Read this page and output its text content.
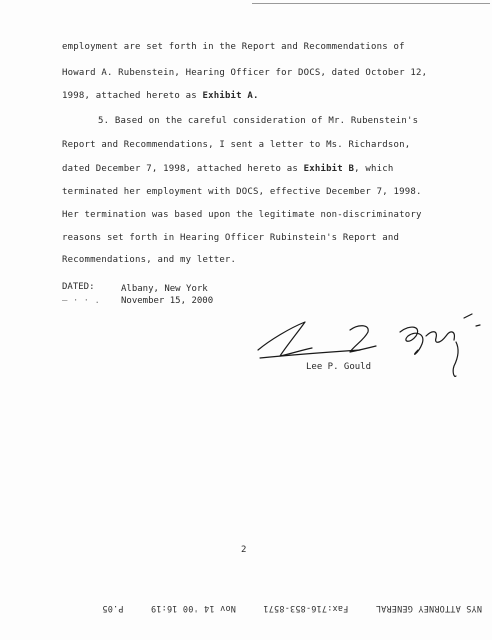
employment are set forth in the Report and Recommendations of
Howard A. Rubenstein, Hearing Officer for DOCS, dated October 12,
1998, attached hereto as Exhibit A.
5. Based on the careful consideration of Mr. Rubenstein's
Report and Recommendations, I sent a letter to Ms. Richardson,
dated December 7, 1998, attached hereto as Exhibit B, which
terminated her employment with DOCS, effective December 7, 1998.
Her termination was based upon the legitimate non-discriminatory
reasons set forth in Hearing Officer Rubinstein's Report and
Recommendations, and my letter.
DATED:	Albany, New York
— · · . November 15, 2000
Lee P. Gould
2
NYS ATTORNEY GENERAL Fax:716-853-8571 Nov 14 '00 16:19 P.05
